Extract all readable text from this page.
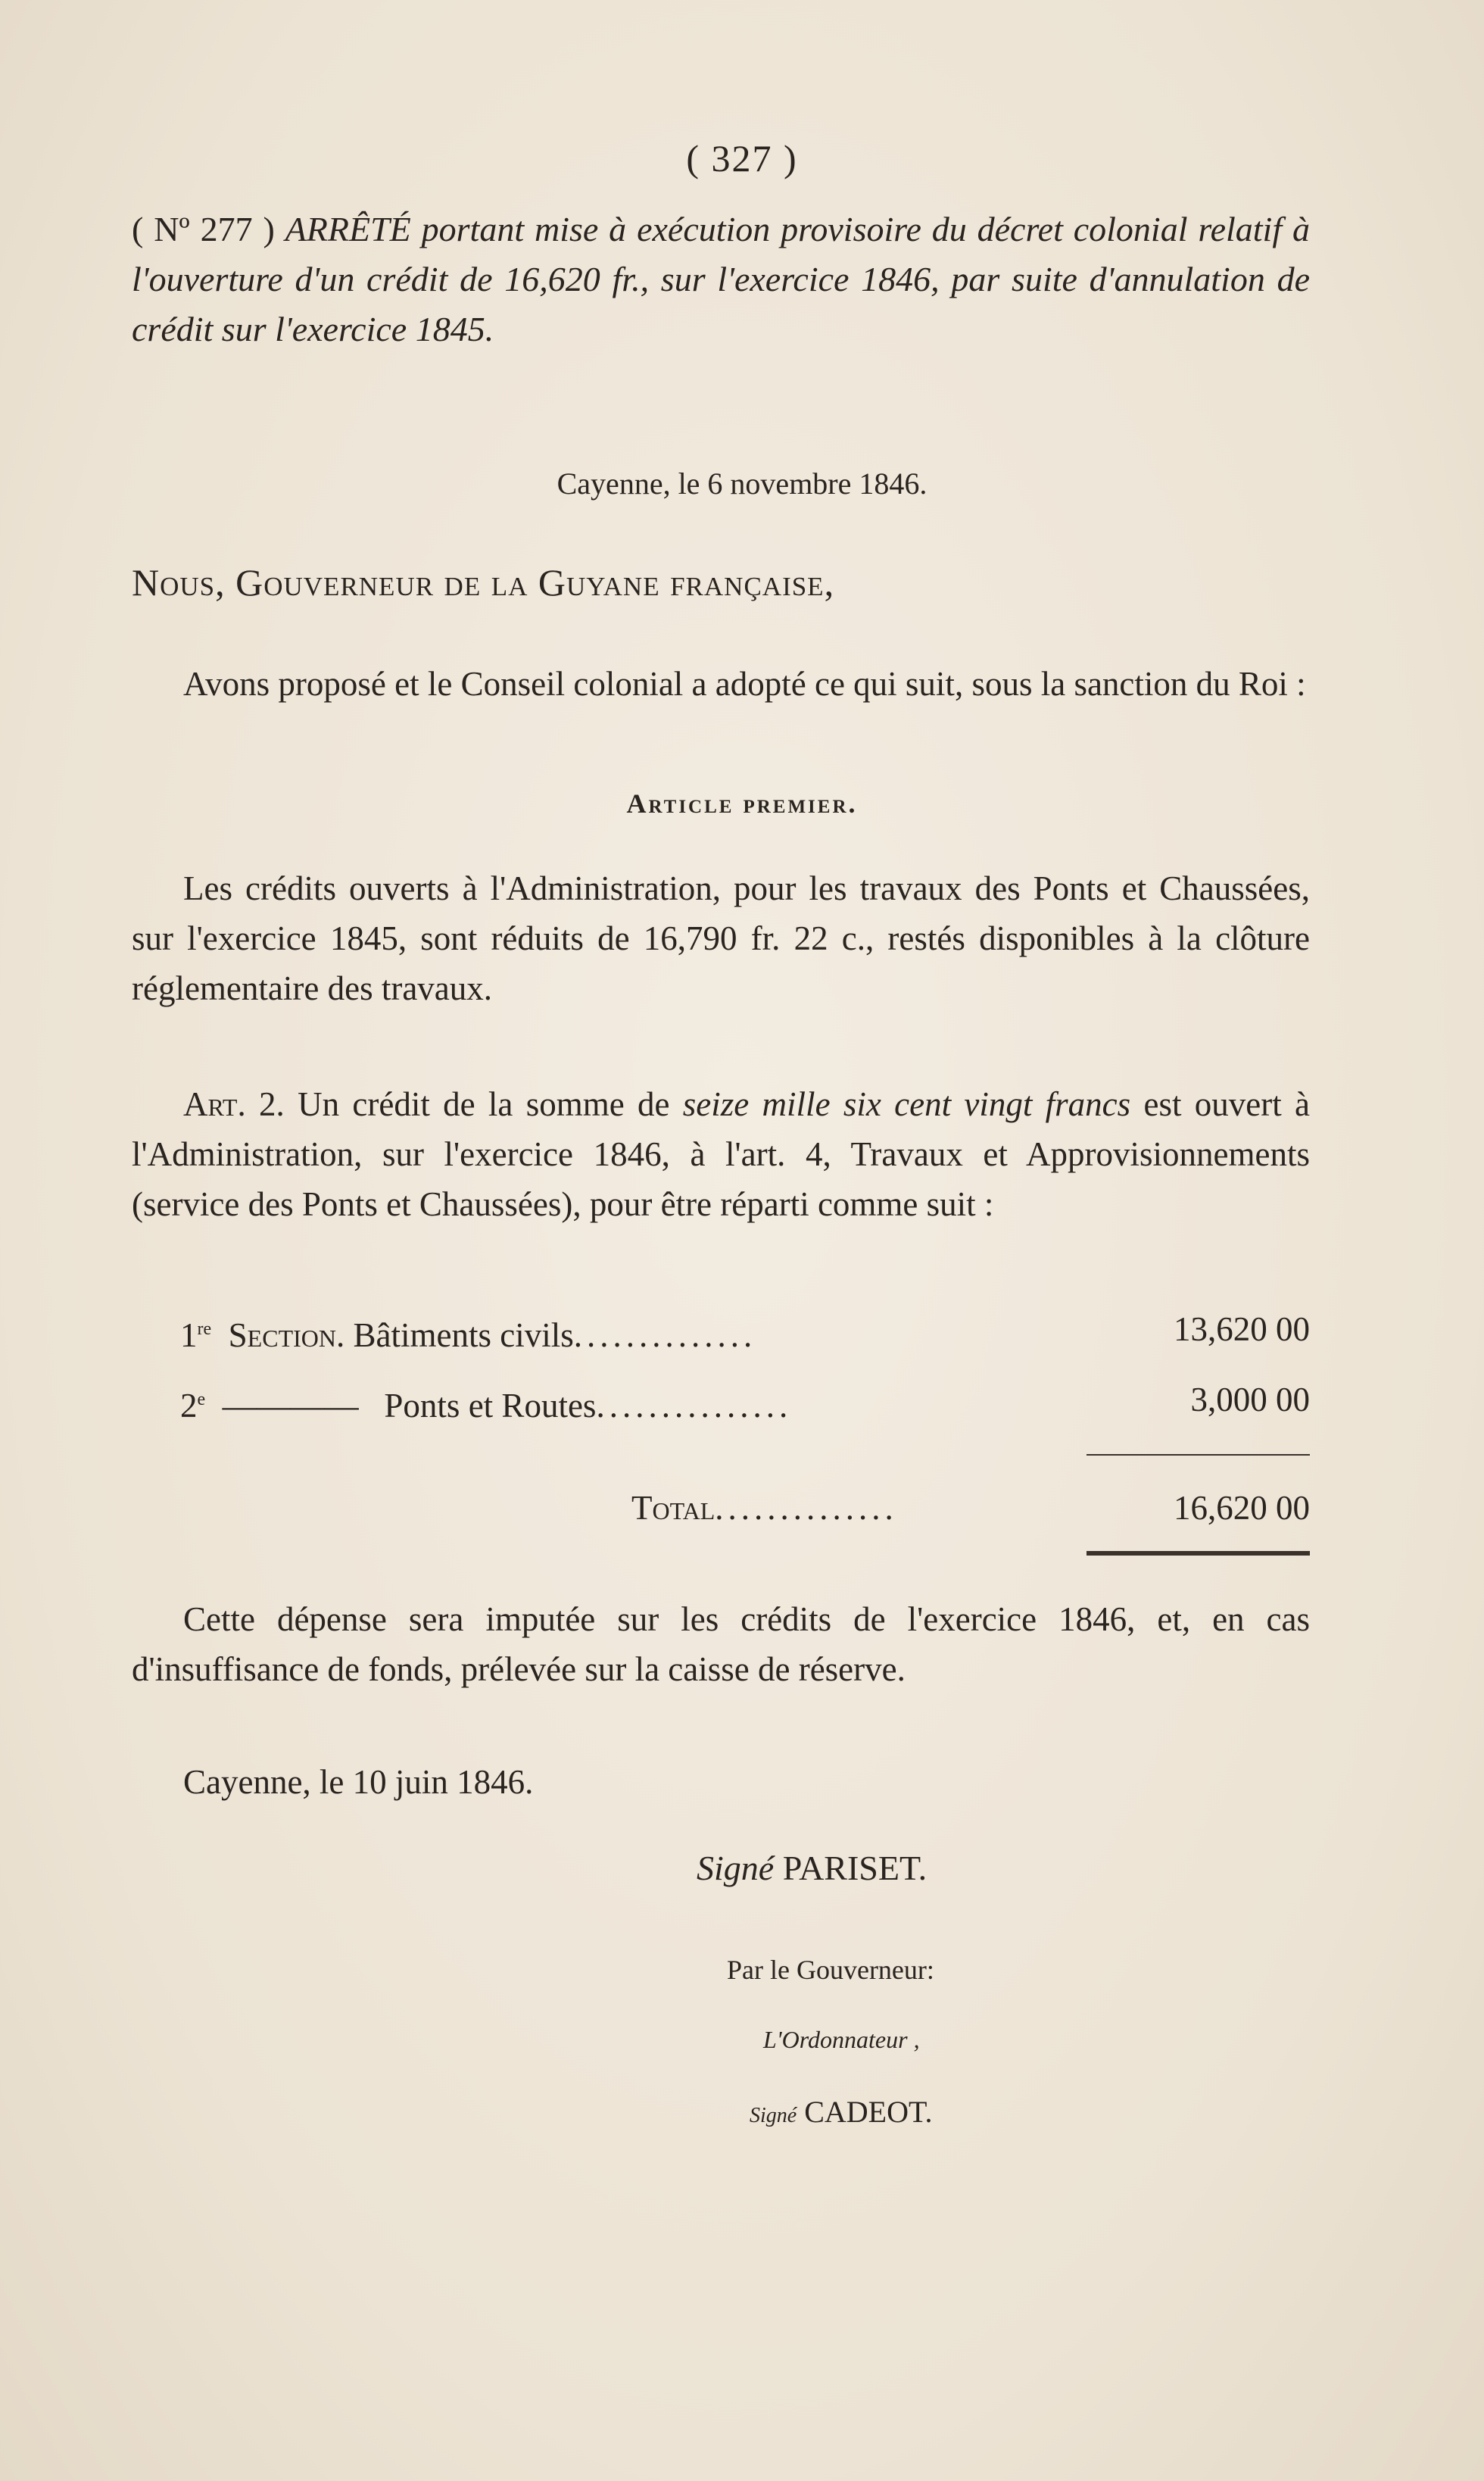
( 327 )
( Nº 277 ) ARRÊTÉ portant mise à exécution provisoire du décret colonial relatif à l'ouverture d'un crédit de 16,620 fr., sur l'exercice 1846, par suite d'annulation de crédit sur l'exercice 1845.
Cayenne, le 6 novembre 1846.
Nous, Gouverneur de la Guyane française,

Avons proposé et le Conseil colonial a adopté ce qui suit, sous la sanction du Roi :

Article premier.

Les crédits ouverts à l'Administration, pour les travaux des Ponts et Chaussées, sur l'exercice 1845, sont réduits de 16,790 fr. 22 c., restés disponibles à la clôture réglementaire des travaux.

Art. 2. Un crédit de la somme de seize mille six cent vingt francs est ouvert à l'Administration, sur l'exercice 1846, à l'art. 4, Travaux et Approvisionnements (service des Ponts et Chaussées), pour être réparti comme suit :

1re Section. Bâtiments civils..............	13,620 00
2e ———— Ponts et Routes...............	3,000 00
Total..............	16,620 00

Cette dépense sera imputée sur les crédits de l'exercice 1846, et, en cas d'insuffisance de fonds, prélevée sur la caisse de réserve.

Cayenne, le 10 juin 1846.

Signé PARISET.
Par le Gouverneur:
L'Ordonnateur ,
Signé CADEOT.
